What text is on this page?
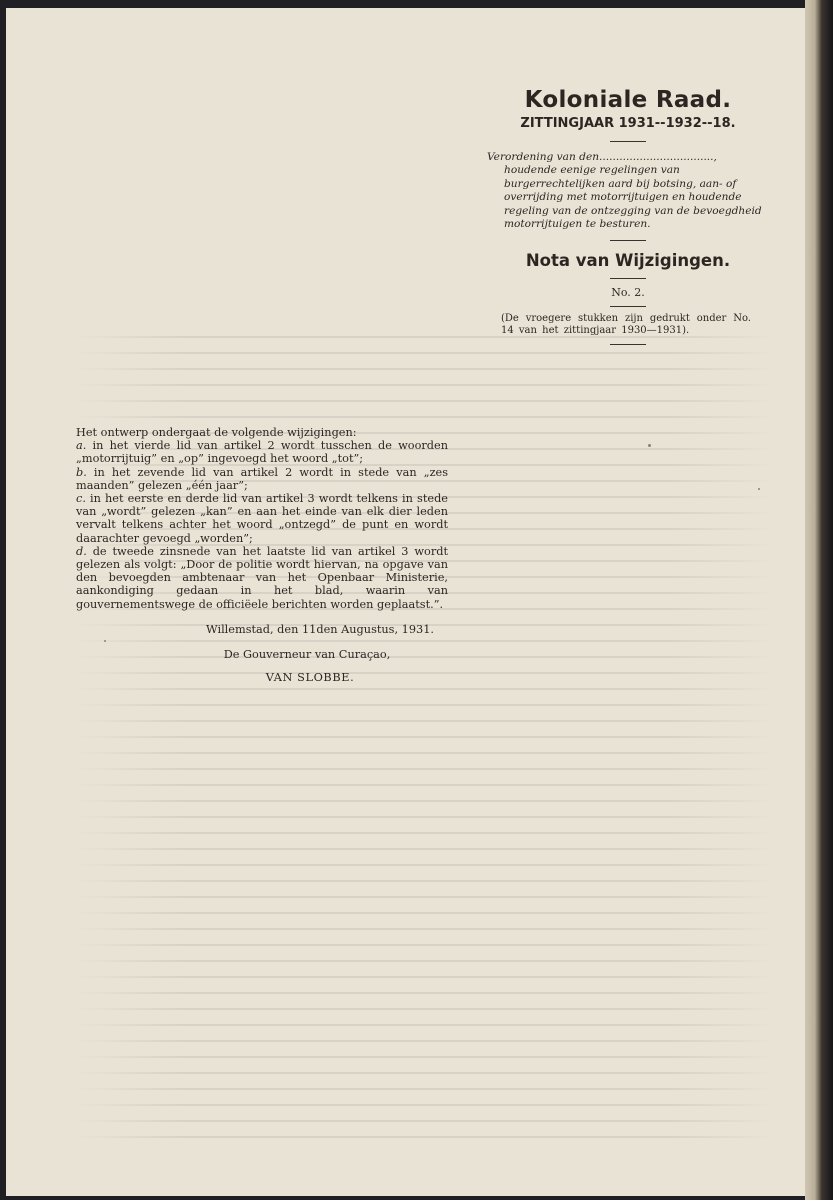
Koloniale Raad.
ZITTINGJAAR 1931--1932--18.
Verordening van den..................................,
houdende eenige regelingen van burgerrechtelijken aard bij botsing, aan- of overrijding met motorrijtuigen en houdende regeling van de ontzegging van de bevoegdheid motorrijtuigen te besturen.
Nota van Wijzigingen.
No. 2.
(De vroegere stukken zijn gedrukt onder No. 14 van het zittingjaar 1930—1931).

Het ontwerp ondergaat de volgende wijzigingen:

a. in het vierde lid van artikel 2 wordt tusschen de woorden „motorrijtuig” en „op” ingevoegd het woord „tot”;

b. in het zevende lid van artikel 2 wordt in stede van „zes maanden” gelezen „één jaar”;

c. in het eerste en derde lid van artikel 3 wordt telkens in stede van „wordt” gelezen „kan” en aan het einde van elk dier leden vervalt telkens achter het woord „ontzegd” de punt en wordt daarachter gevoegd „worden”;

d. de tweede zinsnede van het laatste lid van artikel 3 wordt gelezen als volgt: „Door de politie wordt hiervan, na opgave van den bevoegden ambtenaar van het Openbaar Ministerie, aankondiging gedaan in het blad, waarin van gouvernementswege de officiëele berichten worden geplaatst.”.

Willemstad, den 11den Augustus, 1931.

De Gouverneur van Curaçao,

VAN SLOBBE.
